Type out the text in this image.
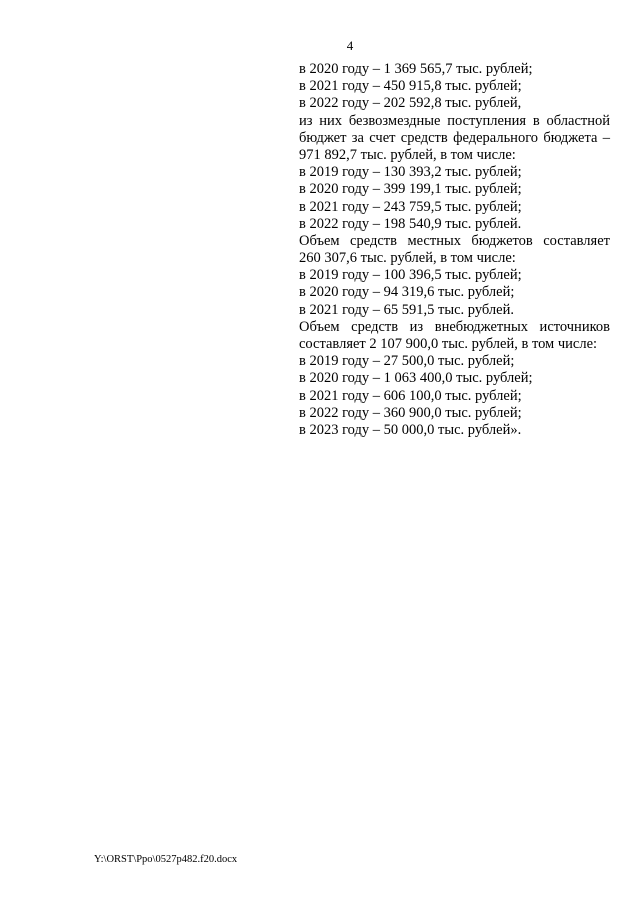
4
в 2020 году – 1 369 565,7 тыс. рублей;
в 2021 году – 450 915,8 тыс. рублей;
в 2022 году – 202 592,8 тыс. рублей,
из них безвозмездные поступления в областной
бюджет за счет средств федерального бюджета –
971 892,7 тыс. рублей, в том числе:
в 2019 году – 130 393,2 тыс. рублей;
в 2020 году – 399 199,1 тыс. рублей;
в 2021 году – 243 759,5 тыс. рублей;
в 2022 году – 198 540,9 тыс. рублей.
Объем средств местных бюджетов составляет
260 307,6 тыс. рублей, в том числе:
в 2019 году – 100 396,5 тыс. рублей;
в 2020 году – 94 319,6 тыс. рублей;
в 2021 году – 65 591,5 тыс. рублей.
Объем средств из внебюджетных источников
составляет 2 107 900,0 тыс. рублей, в том числе:
в 2019 году – 27 500,0 тыс. рублей;
в 2020 году – 1 063 400,0 тыс. рублей;
в 2021 году – 606 100,0 тыс. рублей;
в 2022 году – 360 900,0 тыс. рублей;
в 2023 году – 50 000,0 тыс. рублей».
Y:\ORST\Ppo\0527p482.f20.docx
